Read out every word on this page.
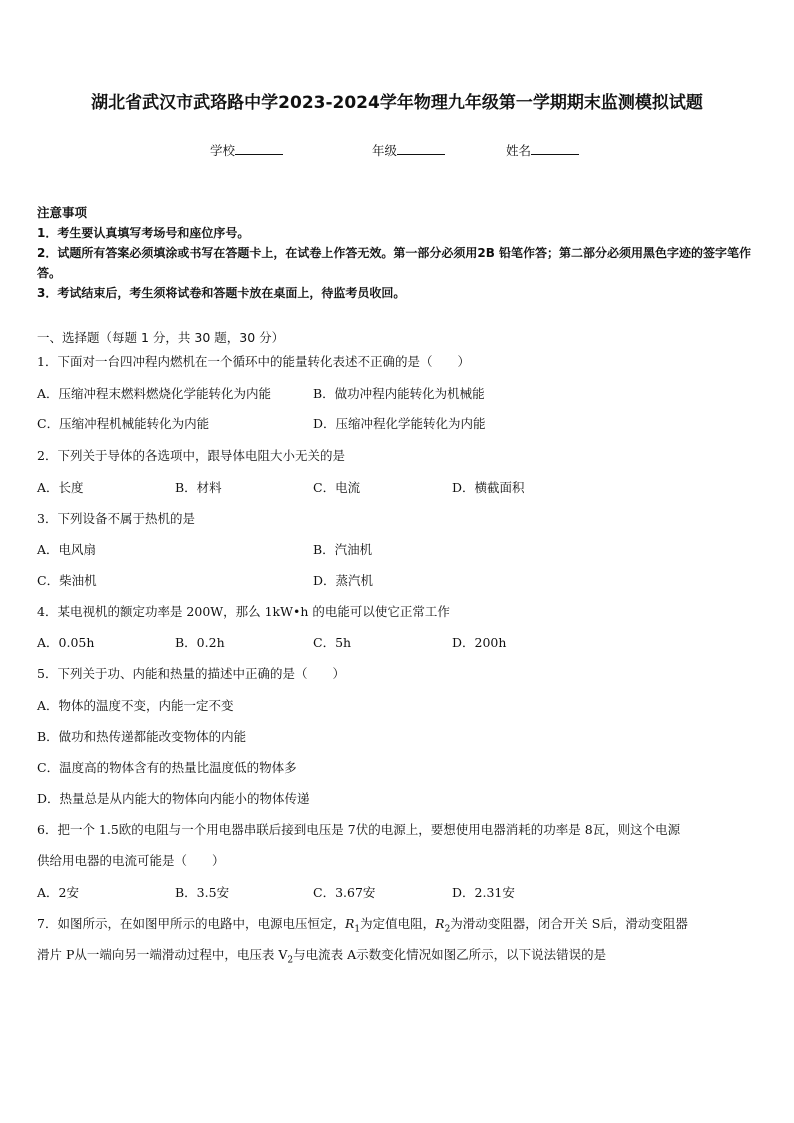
湖北省武汉市武珞路中学2023-2024学年物理九年级第一学期期末监测模拟试题
学校	年级	姓名
注意事项
1．考生要认真填写考场号和座位序号。
2．试题所有答案必须填涂或书写在答题卡上，在试卷上作答无效。第一部分必须用2B 铅笔作答；第二部分必须用黑色字迹的签字笔作答。
3．考试结束后，考生须将试卷和答题卡放在桌面上，待监考员收回。
一、选择题（每题 1 分，共 30 题，30 分）
1．下面对一台四冲程内燃机在一个循环中的能量转化表述不正确的是（　　）
A．压缩冲程末燃料燃烧化学能转化为内能	B．做功冲程内能转化为机械能
C．压缩冲程机械能转化为内能	D．压缩冲程化学能转化为内能
2．下列关于导体的各选项中，跟导体电阻大小无关的是
A．长度	B．材料	C．电流	D．横截面积
3．下列设备不属于热机的是
A．电风扇	B．汽油机
C．柴油机	D．蒸汽机
4．某电视机的额定功率是 200W，那么 1kW•h 的电能可以使它正常工作
A．0.05h	B．0.2h	C．5h	D．200h
5．下列关于功、内能和热量的描述中正确的是（　　）
A．物体的温度不变，内能一定不变
B．做功和热传递都能改变物体的内能
C．温度高的物体含有的热量比温度低的物体多
D．热量总是从内能大的物体向内能小的物体传递
6．把一个 1.5欧的电阻与一个用电器串联后接到电压是 7伏的电源上，要想使用电器消耗的功率是 8瓦，则这个电源
供给用电器的电流可能是（　　）
A．2安	B．3.5安	C．3.67安	D．2.31安
7．如图所示，在如图甲所示的电路中，电源电压恒定，$R_1$为定值电阻，$R_2$为滑动变阻器，闭合开关 S后，滑动变阻器
滑片 P从一端向另一端滑动过程中，电压表 $V_2$与电流表 A示数变化情况如图乙所示，以下说法错误的是
